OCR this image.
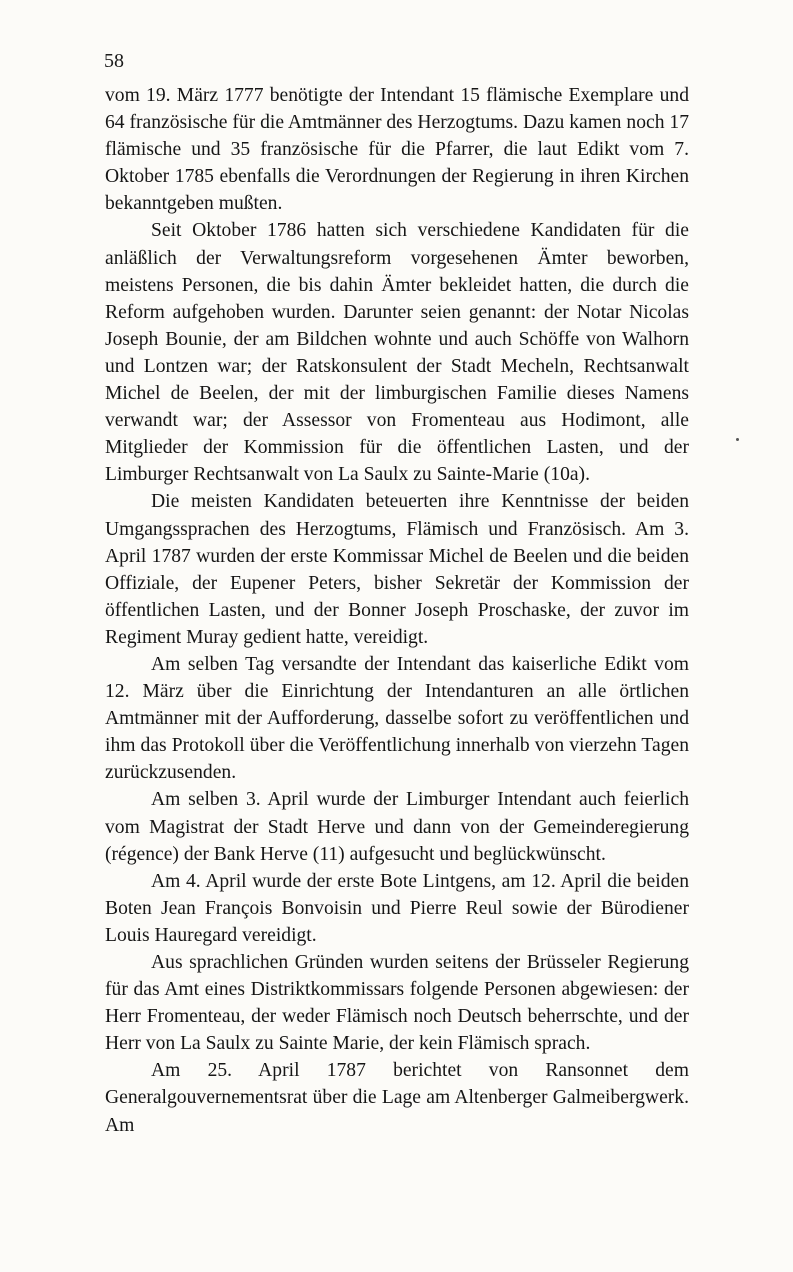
58

vom 19. März 1777 benötigte der Intendant 15 flämische Exemplare und 64 französische für die Amtmänner des Herzogtums. Dazu kamen noch 17 flämische und 35 französische für die Pfarrer, die laut Edikt vom 7. Oktober 1785 ebenfalls die Verordnungen der Regierung in ihren Kirchen bekanntgeben mußten.

Seit Oktober 1786 hatten sich verschiedene Kandidaten für die anläßlich der Verwaltungsreform vorgesehenen Ämter beworben, meistens Personen, die bis dahin Ämter bekleidet hatten, die durch die Reform aufgehoben wurden. Darunter seien genannt: der Notar Nicolas Joseph Bounie, der am Bildchen wohnte und auch Schöffe von Walhorn und Lontzen war; der Ratskonsulent der Stadt Mecheln, Rechtsanwalt Michel de Beelen, der mit der limburgischen Familie dieses Namens verwandt war; der Assessor von Fromenteau aus Hodimont, alle Mitglieder der Kommission für die öffentlichen Lasten, und der Limburger Rechtsanwalt von La Saulx zu Sainte-Marie (10a).

Die meisten Kandidaten beteuerten ihre Kenntnisse der beiden Umgangssprachen des Herzogtums, Flämisch und Französisch. Am 3. April 1787 wurden der erste Kommissar Michel de Beelen und die beiden Offiziale, der Eupener Peters, bisher Sekretär der Kommission der öffentlichen Lasten, und der Bonner Joseph Proschaske, der zuvor im Regiment Muray gedient hatte, vereidigt.

Am selben Tag versandte der Intendant das kaiserliche Edikt vom 12. März über die Einrichtung der Intendanturen an alle örtlichen Amtmänner mit der Aufforderung, dasselbe sofort zu veröffentlichen und ihm das Protokoll über die Veröffentlichung innerhalb von vierzehn Tagen zurückzusenden.

Am selben 3. April wurde der Limburger Intendant auch feierlich vom Magistrat der Stadt Herve und dann von der Gemeinderegierung (régence) der Bank Herve (11) aufgesucht und beglückwünscht.

Am 4. April wurde der erste Bote Lintgens, am 12. April die beiden Boten Jean François Bonvoisin und Pierre Reul sowie der Bürodiener Louis Hauregard vereidigt.

Aus sprachlichen Gründen wurden seitens der Brüsseler Regierung für das Amt eines Distriktkommissars folgende Personen abgewiesen: der Herr Fromenteau, der weder Flämisch noch Deutsch beherrschte, und der Herr von La Saulx zu Sainte Marie, der kein Flämisch sprach.

Am 25. April 1787 berichtet von Ransonnet dem Generalgouvernementsrat über die Lage am Altenberger Galmeibergwerk. Am
